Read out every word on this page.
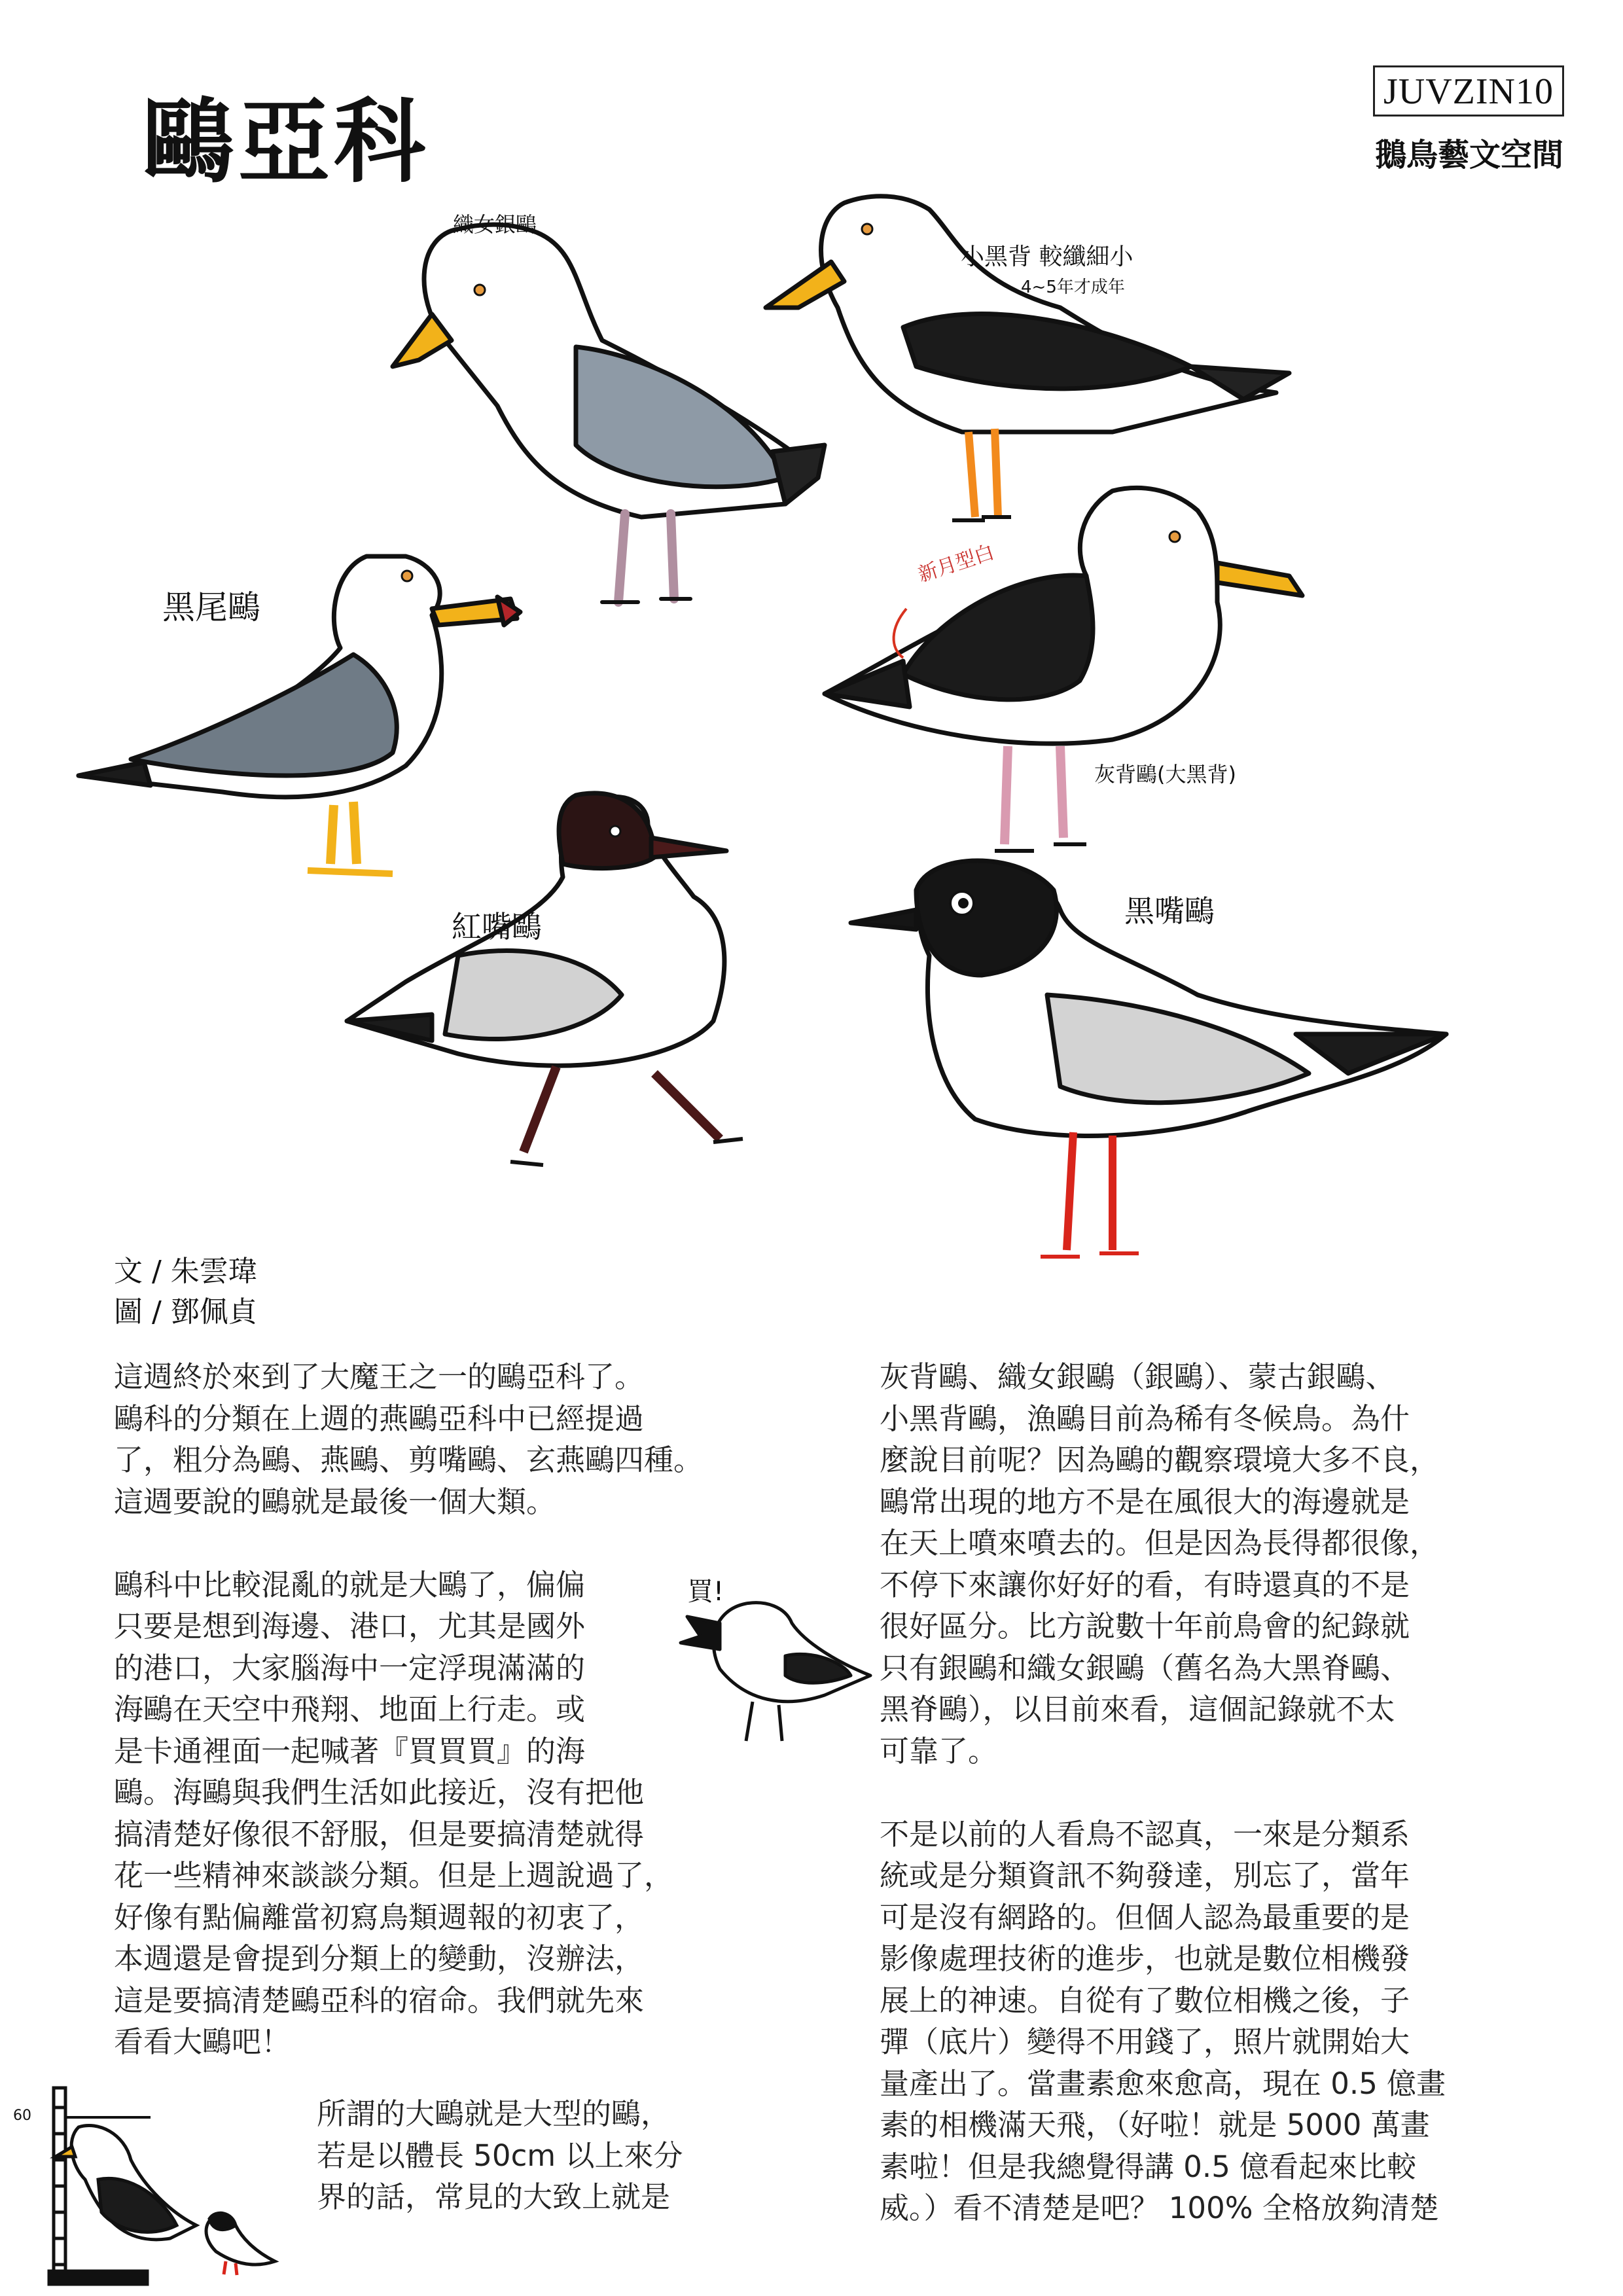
鷗亞科	JUVZIN10
鵝鳥藝文空間
織女銀鷗
小黑背 較纖細小
4~5年才成年
黑尾鷗
新月型白
灰背鷗(大黑背)
紅嘴鷗	黑嘴鷗
買!
60
文 / 朱雲瑋
圖 / 鄧佩貞
這週終於來到了大魔王之一的鷗亞科了。
鷗科的分類在上週的燕鷗亞科中已經提過
了，粗分為鷗、燕鷗、剪嘴鷗、玄燕鷗四種。
這週要說的鷗就是最後一個大類。
鷗科中比較混亂的就是大鷗了，偏偏
只要是想到海邊、港口，尤其是國外
的港口，大家腦海中一定浮現滿滿的
海鷗在天空中飛翔、地面上行走。或
是卡通裡面一起喊著『買買買』的海
鷗。海鷗與我們生活如此接近，沒有把他
搞清楚好像很不舒服，但是要搞清楚就得
花一些精神來談談分類。但是上週說過了，
好像有點偏離當初寫鳥類週報的初衷了，
本週還是會提到分類上的變動，沒辦法，
這是要搞清楚鷗亞科的宿命。我們就先來
看看大鷗吧！
所謂的大鷗就是大型的鷗，
若是以體長 50cm 以上來分
界的話，常見的大致上就是
灰背鷗、織女銀鷗（銀鷗）、蒙古銀鷗、
小黑背鷗，漁鷗目前為稀有冬候鳥。為什
麼說目前呢？因為鷗的觀察環境大多不良，
鷗常出現的地方不是在風很大的海邊就是
在天上噴來噴去的。但是因為長得都很像，
不停下來讓你好好的看，有時還真的不是
很好區分。比方說數十年前鳥會的紀錄就
只有銀鷗和織女銀鷗（舊名為大黑脊鷗、
黑脊鷗），以目前來看，這個記錄就不太
可靠了。
不是以前的人看鳥不認真，一來是分類系
統或是分類資訊不夠發達，別忘了，當年
可是沒有網路的。但個人認為最重要的是
影像處理技術的進步，也就是數位相機發
展上的神速。自從有了數位相機之後，子
彈（底片）變得不用錢了，照片就開始大
量產出了。當畫素愈來愈高，現在 0.5 億畫
素的相機滿天飛，（好啦！就是 5000 萬畫
素啦！但是我總覺得講 0.5 億看起來比較
威。）看不清楚是吧？ 100% 全格放夠清楚
